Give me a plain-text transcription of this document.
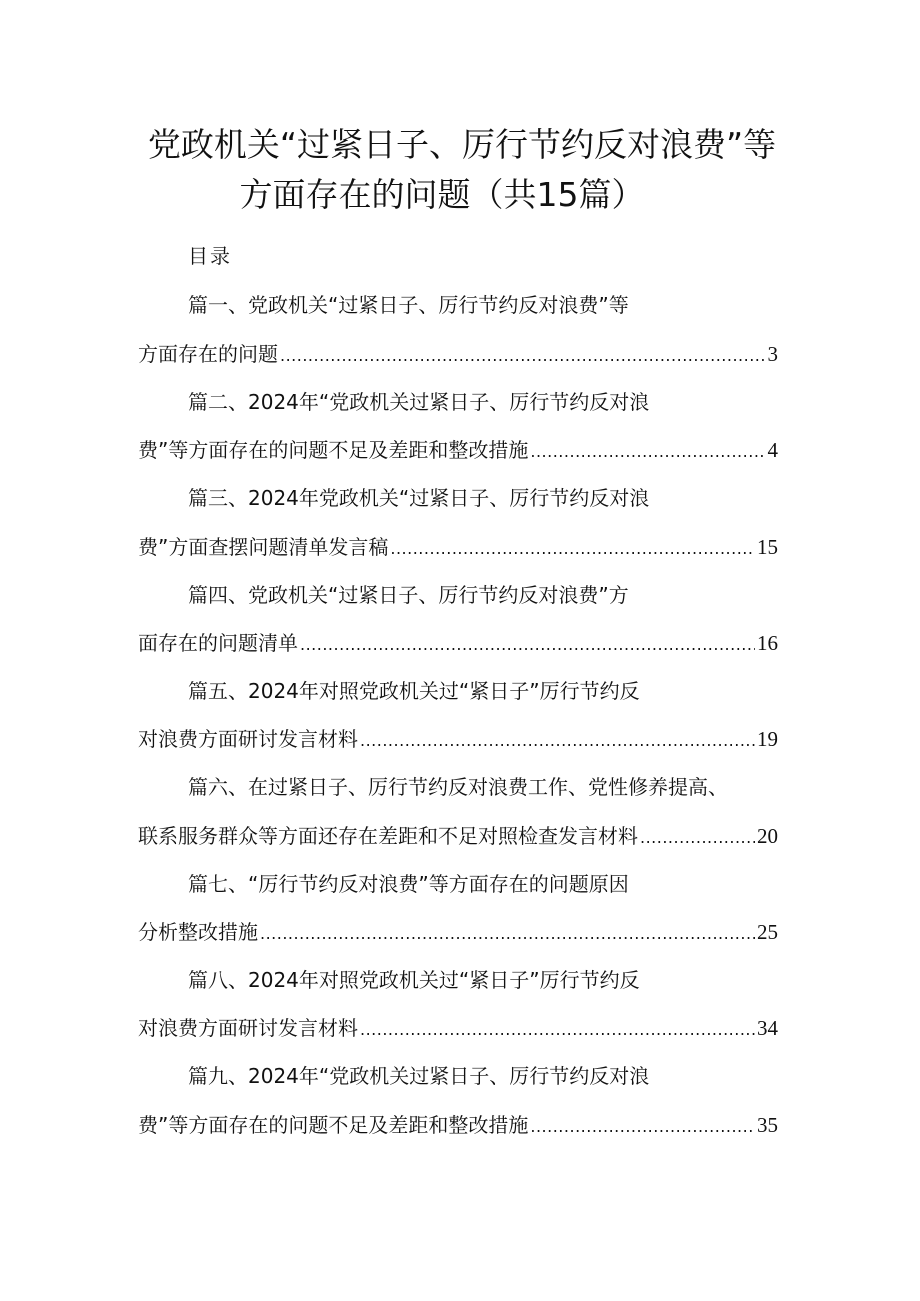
党政机关“过紧日子、厉行节约反对浪费”等
方面存在的问题（共15篇）
目录
篇一、党政机关“过紧日子、厉行节约反对浪费”等
方面存在的问题 .....	3
篇二、2024年“党政机关过紧日子、厉行节约反对浪
费”等方面存在的问题不足及差距和整改措施 .....	4
篇三、2024年党政机关“过紧日子、厉行节约反对浪
费”方面查摆问题清单发言稿 .....	15
篇四、党政机关“过紧日子、厉行节约反对浪费”方
面存在的问题清单 .....	16
篇五、2024年对照党政机关过“紧日子”厉行节约反
对浪费方面研讨发言材料 .....	19
篇六、在过紧日子、厉行节约反对浪费工作、党性修养提高、
联系服务群众等方面还存在差距和不足对照检查发言材料 .....	20
篇七、“厉行节约反对浪费”等方面存在的问题原因
分析整改措施 .....	25
篇八、2024年对照党政机关过“紧日子”厉行节约反
对浪费方面研讨发言材料 .....	34
篇九、2024年“党政机关过紧日子、厉行节约反对浪
费”等方面存在的问题不足及差距和整改措施 .....	35
